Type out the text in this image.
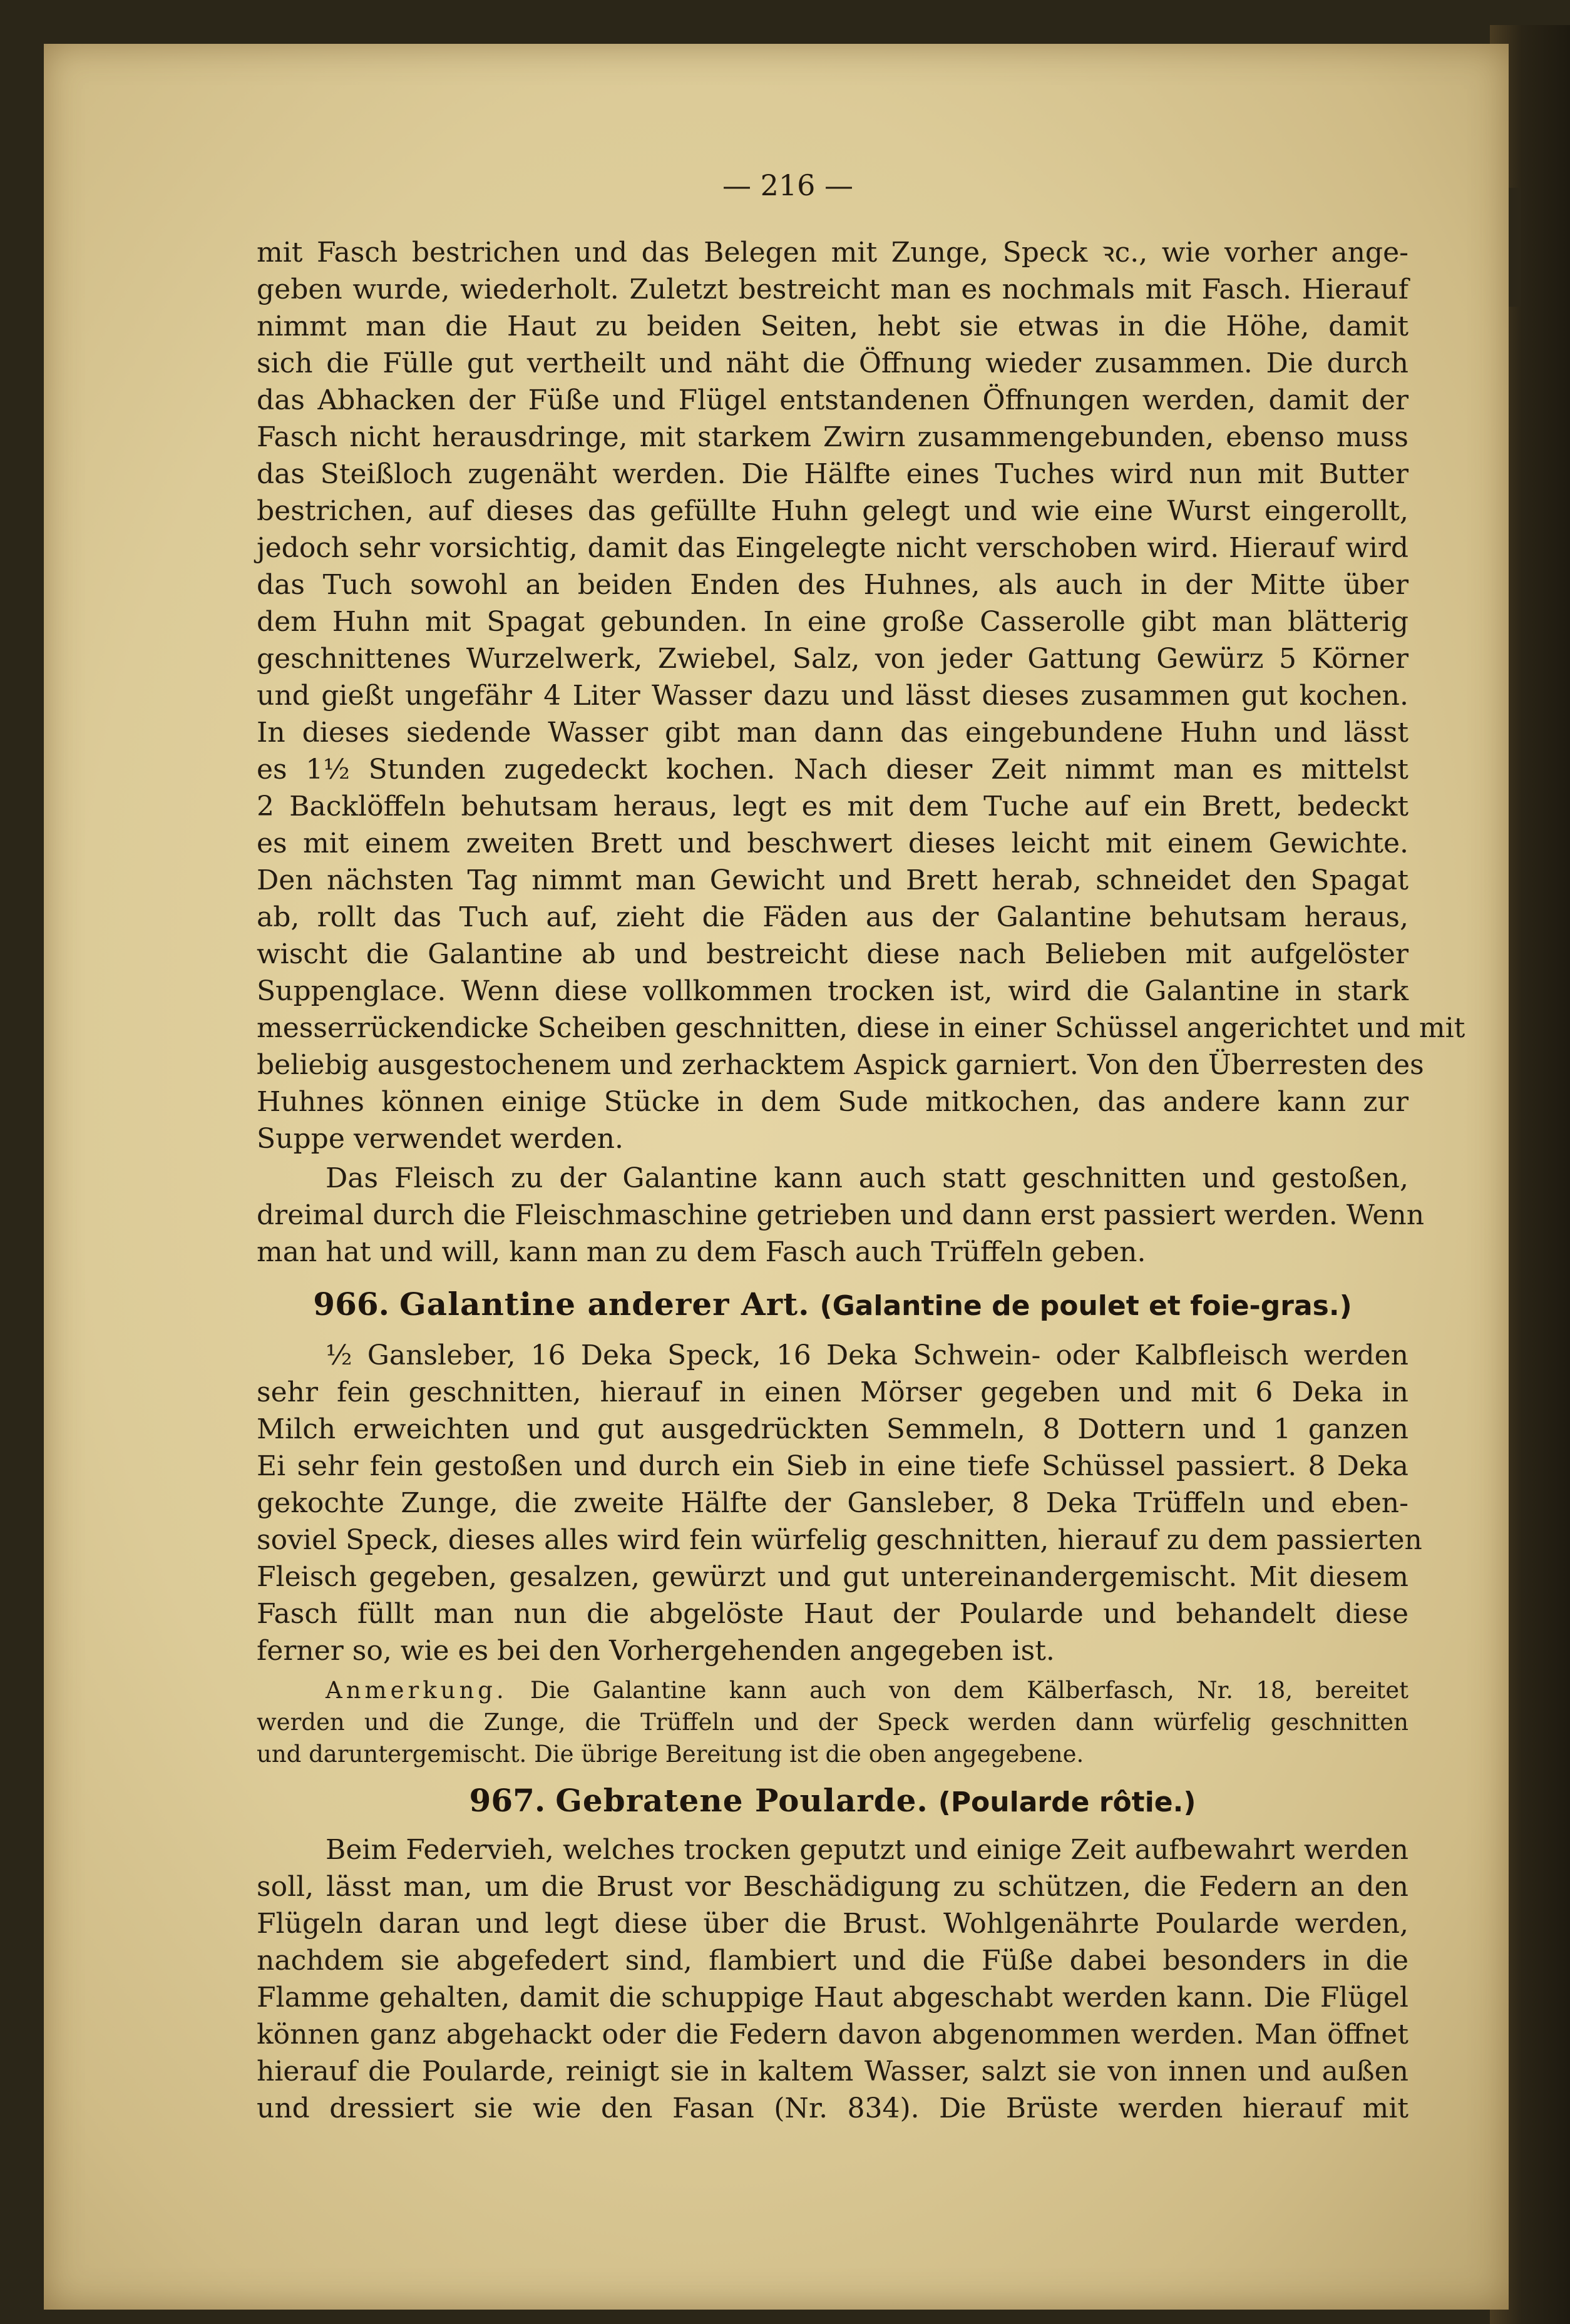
— 216 —
mit Fasch bestrichen und das Belegen mit Zunge, Speck ꝛc., wie vorher ange-
geben wurde, wiederholt. Zuletzt bestreicht man es nochmals mit Fasch. Hierauf
nimmt man die Haut zu beiden Seiten, hebt sie etwas in die Höhe, damit
sich die Fülle gut vertheilt und näht die Öffnung wieder zusammen. Die durch
das Abhacken der Füße und Flügel entstandenen Öffnungen werden, damit der
Fasch nicht herausdringe, mit starkem Zwirn zusammengebunden, ebenso muss
das Steißloch zugenäht werden. Die Hälfte eines Tuches wird nun mit Butter
bestrichen, auf dieses das gefüllte Huhn gelegt und wie eine Wurst eingerollt,
jedoch sehr vorsichtig, damit das Eingelegte nicht verschoben wird. Hierauf wird
das Tuch sowohl an beiden Enden des Huhnes, als auch in der Mitte über
dem Huhn mit Spagat gebunden. In eine große Casserolle gibt man blätterig
geschnittenes Wurzelwerk, Zwiebel, Salz, von jeder Gattung Gewürz 5 Körner
und gießt ungefähr 4 Liter Wasser dazu und lässt dieses zusammen gut kochen.
In dieses siedende Wasser gibt man dann das eingebundene Huhn und lässt
es 1½ Stunden zugedeckt kochen. Nach dieser Zeit nimmt man es mittelst
2 Backlöffeln behutsam heraus, legt es mit dem Tuche auf ein Brett, bedeckt
es mit einem zweiten Brett und beschwert dieses leicht mit einem Gewichte.
Den nächsten Tag nimmt man Gewicht und Brett herab, schneidet den Spagat
ab, rollt das Tuch auf, zieht die Fäden aus der Galantine behutsam heraus,
wischt die Galantine ab und bestreicht diese nach Belieben mit aufgelöster
Suppenglace. Wenn diese vollkommen trocken ist, wird die Galantine in stark
messerrückendicke Scheiben geschnitten, diese in einer Schüssel angerichtet und mit
beliebig ausgestochenem und zerhacktem Aspick garniert. Von den Überresten des
Huhnes können einige Stücke in dem Sude mitkochen, das andere kann zur
Suppe verwendet werden.
Das Fleisch zu der Galantine kann auch statt geschnitten und gestoßen,
dreimal durch die Fleischmaschine getrieben und dann erst passiert werden. Wenn
man hat und will, kann man zu dem Fasch auch Trüffeln geben.
966. Galantine anderer Art. (Galantine de poulet et foie-gras.)
½ Gansleber, 16 Deka Speck, 16 Deka Schwein- oder Kalbfleisch werden
sehr fein geschnitten, hierauf in einen Mörser gegeben und mit 6 Deka in
Milch erweichten und gut ausgedrückten Semmeln, 8 Dottern und 1 ganzen
Ei sehr fein gestoßen und durch ein Sieb in eine tiefe Schüssel passiert. 8 Deka
gekochte Zunge, die zweite Hälfte der Gansleber, 8 Deka Trüffeln und eben-
soviel Speck, dieses alles wird fein würfelig geschnitten, hierauf zu dem passierten
Fleisch gegeben, gesalzen, gewürzt und gut untereinandergemischt. Mit diesem
Fasch füllt man nun die abgelöste Haut der Poularde und behandelt diese
ferner so, wie es bei den Vorhergehenden angegeben ist.
Anmerkung. Die Galantine kann auch von dem Kälberfasch, Nr. 18, bereitet
werden und die Zunge, die Trüffeln und der Speck werden dann würfelig geschnitten
und daruntergemischt. Die übrige Bereitung ist die oben angegebene.
967. Gebratene Poularde. (Poularde rôtie.)
Beim Federvieh, welches trocken geputzt und einige Zeit aufbewahrt werden
soll, lässt man, um die Brust vor Beschädigung zu schützen, die Federn an den
Flügeln daran und legt diese über die Brust. Wohlgenährte Poularde werden,
nachdem sie abgefedert sind, flambiert und die Füße dabei besonders in die
Flamme gehalten, damit die schuppige Haut abgeschabt werden kann. Die Flügel
können ganz abgehackt oder die Federn davon abgenommen werden. Man öffnet
hierauf die Poularde, reinigt sie in kaltem Wasser, salzt sie von innen und außen
und dressiert sie wie den Fasan (Nr. 834). Die Brüste werden hierauf mit
